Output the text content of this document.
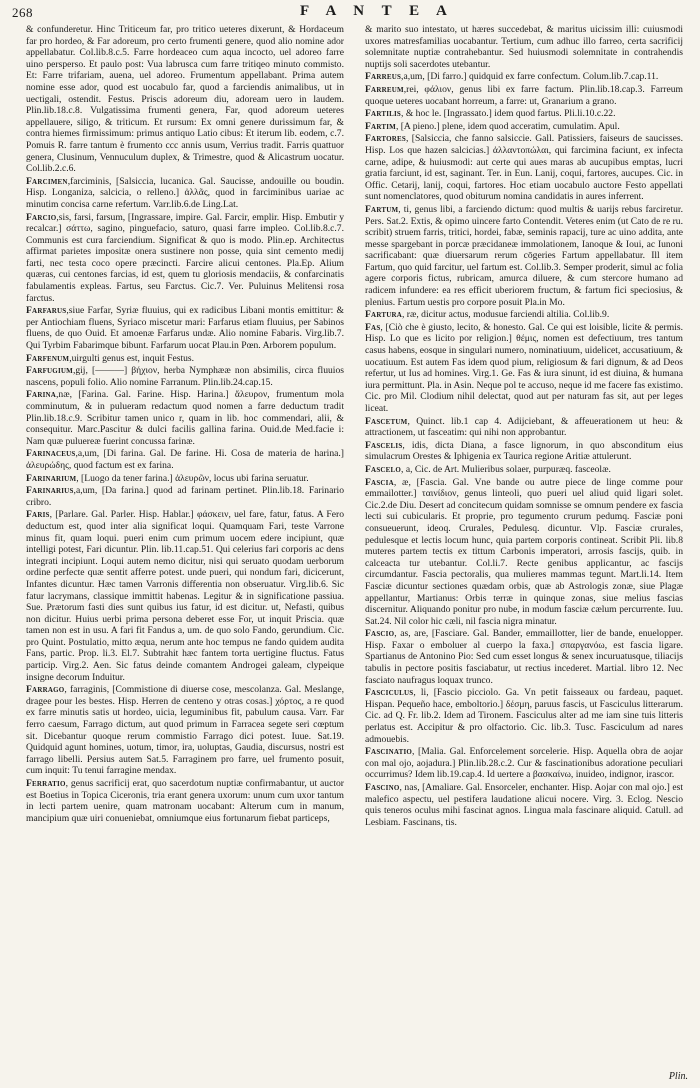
268	F A N T E A

& confunderetur. Hinc Triticeum far, pro tritico ueteres dixerunt, & Hordaceum far pro hordeo, & Far adoreum, pro certo frumenti genere, quod alio nomine ador appellabatur. Col.lib.8.c.5. Farre hordeaceo cum aqua incocto, uel adoreo farre uino persperso. Et paulo post: Vua labrusca cum farre tritiqeo minuto commisto. Et: Farre trifariam, auena, uel adoreo. Frumentum appellabant. Prima autem nomine esse ador, quod est uocabulo far, quod a farciendis animalibus, ut in uectigali, ostendit. Festus. Priscis adoreum diu, adoream uero in laudem. Plin.lib.18.c.8. Vulgatissima frumenti genera, Far, quod adoreum ueteres appellauere, siligo, & triticum. Et rursum: Ex omni genere durissimum far, & contra hiemes firmissimum: primus antiquo Latio cibus: Et iterum lib. eodem, c.7. Pomuis R. farre tantum è frumento ccc annis usum, Verrius tradit. Farris quattuor genera, Clusinum, Vennuculum duplex, & Trimestre, quod & Alicastrum uocatur. Col.lib.2.c.6.

Farcimen,farciminis, [Salsiccia, lucanica. Gal. Saucisse, andouille ou boudin. Hisp. Longaniza, salcicia, o relleno.] ἀλλᾶς, quod in farciminibus uariae ac minutim concisa carne refertum. Varr.lib.6.de Ling.Lat.

Farcio,sis, farsi, farsum, [Ingrassare, impire. Gal. Farcir, emplir. Hisp. Embutir y recalcar.] σάττω, sagino, pinguefacio, saturo, quasi farre impleo. Col.lib.8.c.7. Communis est cura farciendium. Significat & quo is modo. Plin.ep. Architectus affirmat parietes impositæ onera sustinere non posse, quia sint cemento medij farti, nec testa coco opere præcincti. Farcire alicui centones. Pla.Ep. Alium quæras, cui centones farcias, id est, quem tu gloriosis mendaciis, & confarcinatis fabulamentis expleas. Fartus, seu Farctus. Cic.7. Ver. Puluinus Melitensi rosa farctus.

Farfarus,siue Farfar, Syriæ fluuius, qui ex radicibus Libani montis emittitur: & per Antiochiam fluens, Syriaco miscetur mari: Farfarus etiam fluuius, per Sabinos fluens, de quo Ouid. Et amoenæ Farfarus undæ. Alio nomine Fabaris. Virg.lib.7. Qui Tyrbim Fabarimque bibunt. Farfarum uocat Plau.in Pœn. Arborem populum.

Farfenum,uirgulti genus est, inquit Festus.

Farfugium,gij, [———] βήχιον, herba Nymphææ non absimilis, circa fluuios nascens, populi folio. Alio nomine Farranum. Plin.lib.24.cap.15.

Farina,næ, [Farina. Gal. Farine. Hisp. Harina.] ἄλευρον, frumentum mola comminutum, & in pulueram redactum quod nomen a farre deductum tradit Plin.lib.18.c.9. Scribitur tamen unico r, quam in lib. hoc commendari, alii, & consequitur. Marc.Pascitur & dulci facilis gallina farina. Ouid.de Med.facie i: Nam quæ puluereæ fuerint concussa farinæ.

Farinaceus,a,um, [Di farina. Gal. De farine. Hi. Cosa de materia de harina.] ἀλευρώδης, quod factum est ex farina.

Farinarium, [Luogo da tener farina.] ἀλευρῶν, locus ubi farina seruatur.

Farinarius,a,um, [Da farina.] quod ad farinam pertinet. Plin.lib.18. Farinario cribro.

Faris, [Parlare. Gal. Parler. Hisp. Hablar.] φάσκειν, uel fare, fatur, fatus. A Fero deductum est, quod inter alia significat loqui. Quamquam Fari, teste Varrone minus fit, quam loqui. pueri enim cum primum uocem edere incipiunt, quæ intelligi potest, Fari dicuntur. Plin. lib.11.cap.51. Qui celerius fari corporis ac dens integrati incipiunt. Loqui autem nemo dicitur, nisi qui seruato quodam uerborum ordine perfecte quæ sentit afferre potest. unde pueri, qui nondum fari, dicicerunt, Infantes dicuntur. Hæc tamen Varronis differentia non obseruatur. Virg.lib.6. Sic fatur lacrymans, classique immittit habenas. Legitur & in significatione passiua. Sue. Prætorum fasti dies sunt quibus ius fatur, id est dicitur. ut, Nefasti, quibus non dicitur. Huius uerbi prima persona deberet esse For, ut inquit Priscia. quæ tamen non est in usu. A fari fit Fandus a, um. de quo solo Fando, gerundium. Cic. pro Quint. Postulatio, mitto æqua, nerum ante hoc tempus ne fando quidem audita Fans, partic. Prop. li.3. El.7. Subtrahit hæc fantem torta uertigine fluctus. Fatus particip. Virg.2. Aen. Sic fatus deinde comantem Androgei galeam, clypeique insigne decorum Induitur.

Farrago, farraginis, [Commistione di diuerse cose, mescolanza. Gal. Meslange, dragee pour les bestes. Hisp. Herren de centeno y otras cosas.] χόρτος, a re quod ex farre minutis satis ut hordeo, uicia, leguminibus fit, pabulum causa. Varr. Far ferro caesum, Farrago dictum, aut quod primum in Farracea segete seri cœptum sit. Dicebantur quoque rerum commistio Farrago dici potest. Iuue. Sat.19. Quidquid agunt homines, uotum, timor, ira, uoluptas, Gaudia, discursus, nostri est farrago libelli. Persius autem Sat.5. Farraginem pro farre, uel frumento posuit, cum inquit: Tu tenui farragine mendax.

Ferratio, genus sacrificij erat, quo sacerdotum nuptiæ confirmabantur, ut auctor est Boetius in Topica Ciceronis, tria erant genera uxorum: unum cum uxor tantum in lecti partem uenire, quam matronam uocabant: Alterum cum in manum, mancipium quæ uiri conueniebat, omniumque eius fortunarum fiebat particeps,

& marito suo intestato, ut hæres succedebat, & maritus uicissim illi: cuiusmodi uxores matresfamilias uocabantur. Tertium, cum adhuc illo farreo, certa sacrificij solemnitate nuptiæ contrahebantur. Sed huiusmodi solemnitate in contrahendis nuptijs soli sacerdotes utebantur.

Farreus,a,um, [Di farro.] quidquid ex farre confectum. Colum.lib.7.cap.11.

Farreum,rei, φάλιον, genus libi ex farre factum. Plin.lib.18.cap.3. Farreum quoque ueteres uocabant horreum, a farre: ut, Granarium a grano.

Fartilis, & hoc le. [Ingrassato.] idem quod fartus. Pli.li.10.c.22.

Fartim, [A pieno.] plene, idem quod acceratim, cumulatim. Apul.

Fartores, [Salsiccia, che fanno salsiccie. Gall. Patissiers, faiseurs de saucisses. Hisp. Los que hazen salcicias.] ἀλλαντοπώλαι, qui farcimina faciunt, ex infecta carne, adipe, & huiusmodi: aut certe qui aues maras ab aucupibus emptas, lucri gratia farciunt, id est, saginant. Ter. in Eun. Lanij, coqui, fartores, aucupes. Cic. in Offic. Cetarij, lanij, coqui, fartores. Hoc etiam uocabulo auctore Festo appellati sunt nomenclatores, quod obiturum nomina candidatis in aures inferrent.

Fartum, ti, genus libi, a farciendo dictum: quod multis & uarijs rebus farciretur. Pers. Sat.2. Extis, & opimo uincere farto Contendit. Veteres enim (ut Cato de re ru. scribit) struem farris, tritici, hordei, fabæ, seminis rapacij, ture ac uino addita, ante messe spargebant in porcæ præcidaneæ immolationem, Ianoque & Ioui, ac Iunoni sacrificabant: quæ diuersarum rerum cōgeries Fartum appellabatur. Ill item Fartum, quo quid farcitur, uel fartum est. Col.lib.3. Semper proderit, simul ac folia agere corporis fictus, rubricam, amurca diluere, & cum stercore humano ad radicem infundere: ea res efficit uberiorem fructum, & fartum fici speciosius, & plenius. Fartum uestis pro corpore posuit Pla.in Mo.

Fartura, ræ, dicitur actus, modusue farciendi altilia. Col.lib.9.

Fas, [Ciò che è giusto, lecito, & honesto. Gal. Ce qui est loisible, licite & permis. Hisp. Lo que es licito por religion.] θέμις, nomen est defectiuum, tres tantum casus habens, eosque in singulari numero, nominatiuum, uidelicet, accusatiuum, & uocatiuum. Est autem Fas idem quod pium, religiosum & fari dignum, & ad Deos refertur, ut Ius ad homines. Virg.1. Ge. Fas & iura sinunt, id est diuina, & humana iura permittunt. Pla. in Asin. Neque pol te accuso, neque id me facere fas existimo. Cic. pro Mil. Clodium nihil delectat, quod aut per naturam fas sit, aut per leges liceat.

Fascetum, Quinct. lib.1 cap 4. Adijciebant, & affeuerationem ut heu: & attractionem, ut fasceatim: qui nihi non approbantur.

Fascelis, idis, dicta Diana, a fasce lignorum, in quo absconditum eius simulacrum Orestes & Iphigenia ex Taurica regione Aritiæ attulerunt.

Fascelo, a, Cic. de Art. Mulieribus solaer, purpuræq. fasceolæ.

Fascia, æ, [Fascia. Gal. Vne bande ou autre piece de linge comme pour emmailotter.] ταινίδιον, genus linteoli, quo pueri uel aliud quid ligari solet. Cic.2.de Diu. Desert ad concitecum quidam somnisse se omnum pendere ex fascia lecti sui cubicularis. Et proprie, pro tegumento crurum pedumq. Fasciæ poni consueuerunt, ideoq. Crurales, Pedulesq. dicuntur. Vlp. Fasciæ crurales, pedulesque et lectis locum hunc, quia partem corporis contineat. Scribit Pli. lib.8 muteres partem tectis ex tittum Carbonis imperatori, arrosis fascijs, quib. in calceacta tur utebantur. Col.li.7. Recte genibus applicantur, ac fascijs circumdantur. Fascia pectoralis, qua mulieres mammas tegunt. Mart.li.14. Item Fasciæ dicuntur sectiones quædam orbis, quæ ab Astrologis zonæ, siue Plagæ appellantur, Martianus: Orbis terræ in quinque zonas, siue melius fascias discernitur. Aliquando ponitur pro nube, in modum fasciæ cælum percurrente. Iuu. Sat.24. Nil color hic cæli, nil fascia nigra minatur.

Fascio, as, are, [Fasciare. Gal. Bander, emmaillotter, lier de bande, enuelopper. Hisp. Faxar o emboluer al cuerpo la faxa.] σπαργανόω, est fascia ligare. Spartianus de Antonino Pio: Sed cum esset longus & senex incuruatusque, tiliacijs tabulis in pectore positis fasciabatur, ut rectius incederet. Martial. libro 12. Nec fasciato naufragus loquax trunco.

Fasciculus, li, [Fascio picciolo. Ga. Vn petit faisseaux ou fardeau, paquet. Hispan. Pequeño hace, emboltorio.] δέσμη, paruus fascis, ut Fasciculus litterarum. Cic. ad Q. Fr. lib.2. Idem ad Tironem. Fasciculus alter ad me iam sine tuis litteris perlatus est. Accipitur & pro olfactorio. Cic. lib.3. Tusc. Fasciculum ad nares admouebis.

Fascinatio, [Malia. Gal. Enforcelement sorcelerie. Hisp. Aquella obra de aojar con mal ojo, aojadura.] Plin.lib.28.c.2. Cur & fascinationibus adoratione peculiari occurrimus? Idem lib.19.cap.4. Id uertere a βασκαίνω, inuideo, indignor, irascor.

Fascino, nas, [Amaliare. Gal. Ensorceler, enchanter. Hisp. Aojar con mal ojo.] est malefico aspectu, uel pestifera laudatione alicui nocere. Virg. 3. Eclog. Nescio quis teneros oculus mihi fascinat agnos. Lingua mala fascinare aliquid. Catull. ad Lesbiam. Fascinans, tis.

Plin.
